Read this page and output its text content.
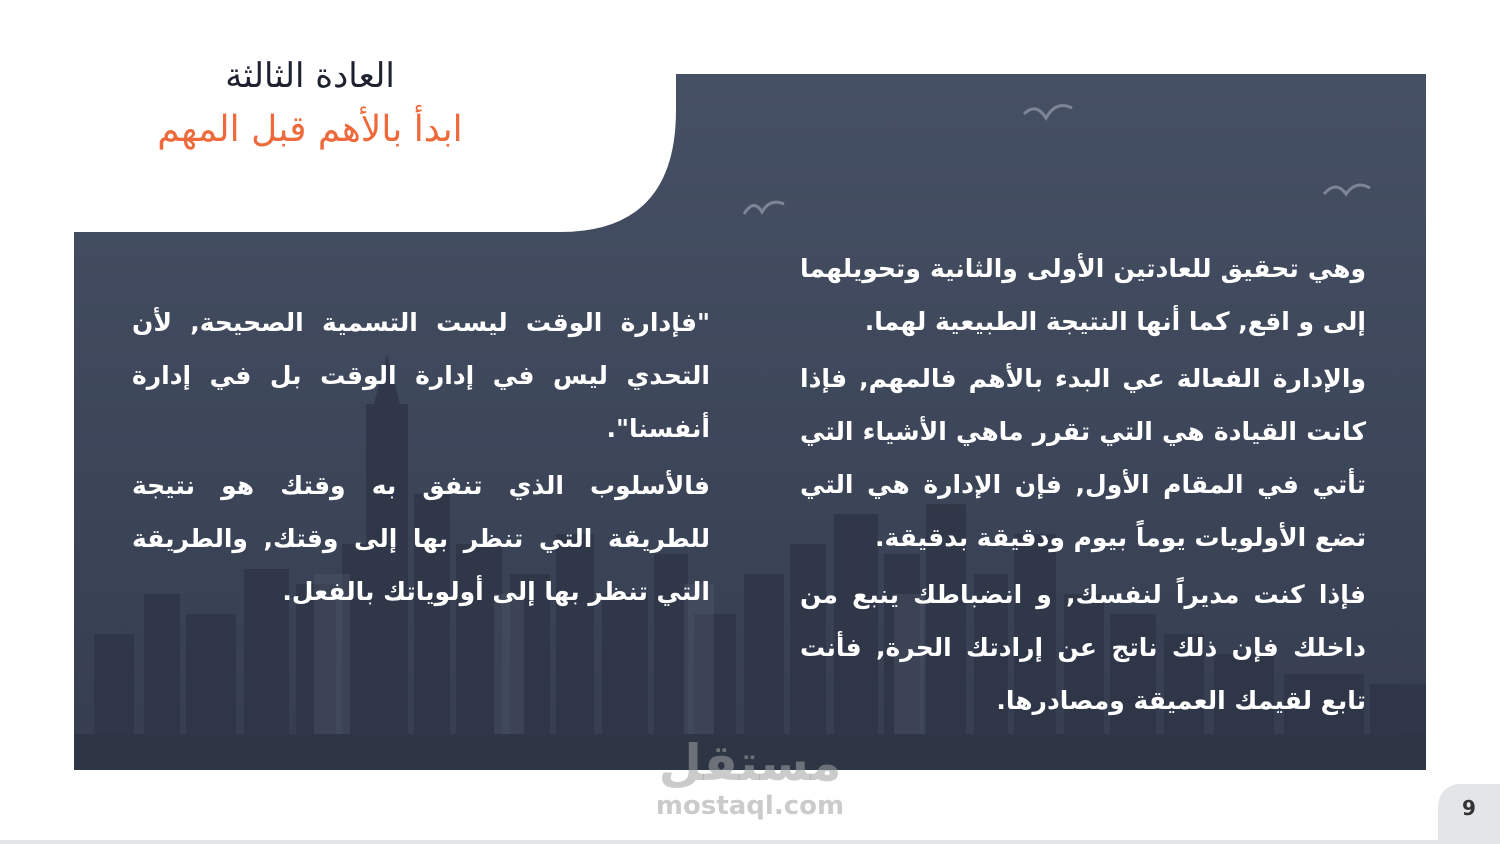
العادة الثالثة

ابدأ بالأهم قبل المهم

وهي تحقيق للعادتين الأولى والثانية وتحويلهما إلى و اقع, كما أنها النتيجة الطبيعية لهما.

والإدارة الفعالة عي البدء بالأهم فالمهم, فإذا كانت القيادة هي التي تقرر ماهي الأشياء التي تأتي في المقام الأول, فإن الإدارة هي التي تضع الأولويات يوماً بيوم ودقيقة بدقيقة.

فإذا كنت مديراً لنفسك, و انضباطك ينبع من داخلك فإن ذلك ناتج عن إرادتك الحرة, فأنت تابع لقيمك العميقة ومصادرها.

"فإدارة الوقت ليست التسمية الصحيحة, لأن التحدي ليس في إدارة الوقت بل في إدارة أنفسنا".

فالأسلوب الذي تنفق به وقتك هو نتيجة للطريقة التي تنظر بها إلى وقتك, والطريقة التي تنظر بها إلى أولوياتك بالفعل.

مستقل
mostaql.com	9
